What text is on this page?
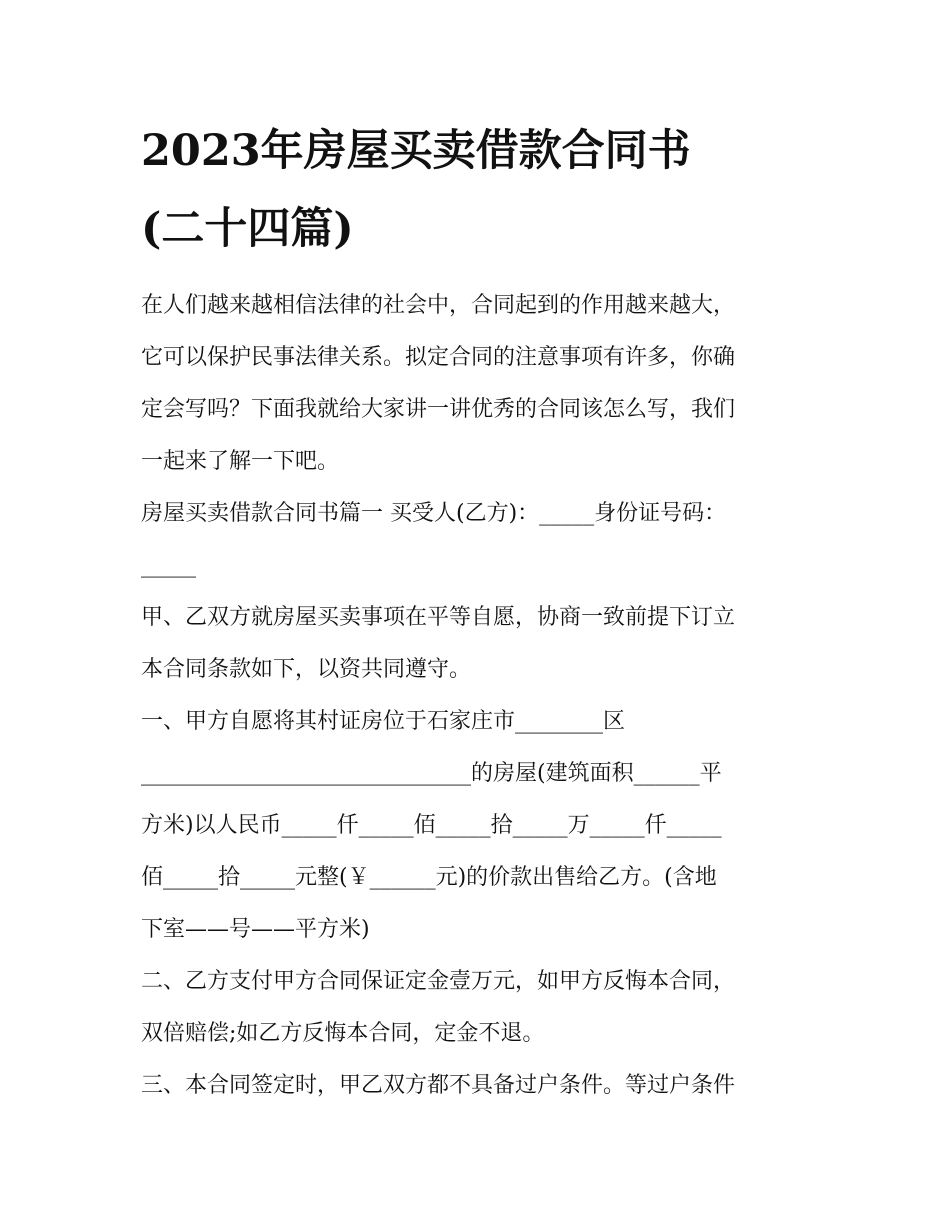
2023年房屋买卖借款合同书
(二十四篇)

在人们越来越相信法律的社会中，合同起到的作用越来越大，
它可以保护民事法律关系。拟定合同的注意事项有许多，你确
定会写吗？下面我就给大家讲一讲优秀的合同该怎么写，我们
一起来了解一下吧。

房屋买卖借款合同书篇一 买受人(乙方)：_____身份证号码：
_____

甲、乙双方就房屋买卖事项在平等自愿，协商一致前提下订立
本合同条款如下，以资共同遵守。

一、甲方自愿将其村证房位于石家庄市________区
______________________________的房屋(建筑面积______平
方米)以人民币_____仟_____佰_____拾_____万_____仟_____
佰_____拾_____元整(￥______元)的价款出售给乙方。(含地
下室——号——平方米)

二、乙方支付甲方合同保证定金壹万元，如甲方反悔本合同，
双倍赔偿;如乙方反悔本合同，定金不退。

三、本合同签定时，甲乙双方都不具备过户条件。等过户条件
